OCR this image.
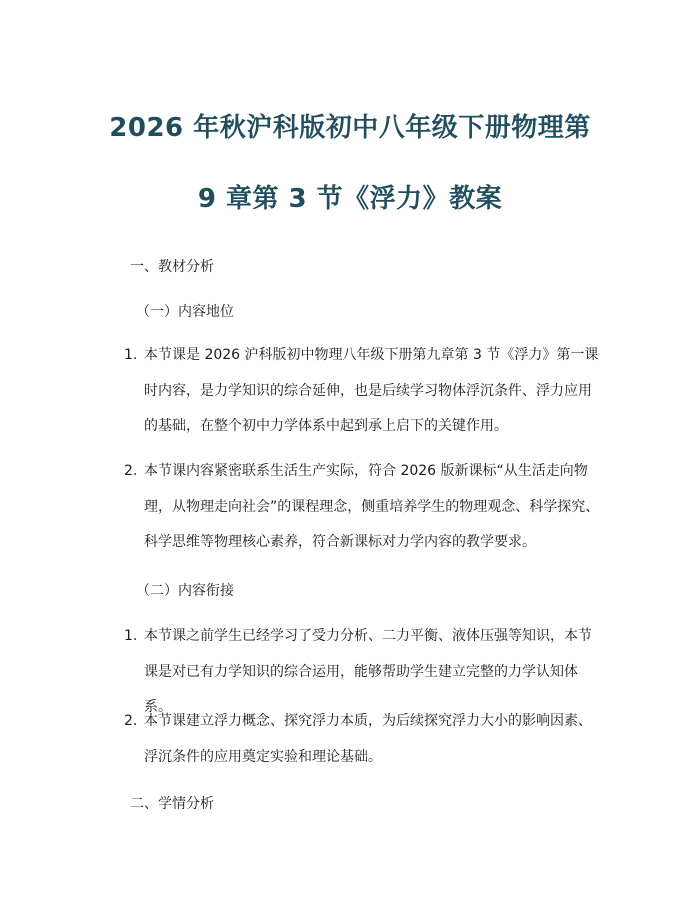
2026 年秋沪科版初中八年级下册物理第
9 章第 3 节《浮力》教案
一、教材分析
（一）内容地位
1. 本节课是 2026 沪科版初中物理八年级下册第九章第 3 节《浮力》第一课时内容，是力学知识的综合延伸，也是后续学习物体浮沉条件、浮力应用的基础，在整个初中力学体系中起到承上启下的关键作用。
2. 本节课内容紧密联系生活生产实际，符合 2026 版新课标“从生活走向物理，从物理走向社会”的课程理念，侧重培养学生的物理观念、科学探究、科学思维等物理核心素养，符合新课标对力学内容的教学要求。
（二）内容衔接
1. 本节课之前学生已经学习了受力分析、二力平衡、液体压强等知识，本节课是对已有力学知识的综合运用，能够帮助学生建立完整的力学认知体系。
2. 本节课建立浮力概念、探究浮力本质，为后续探究浮力大小的影响因素、浮沉条件的应用奠定实验和理论基础。
二、学情分析
